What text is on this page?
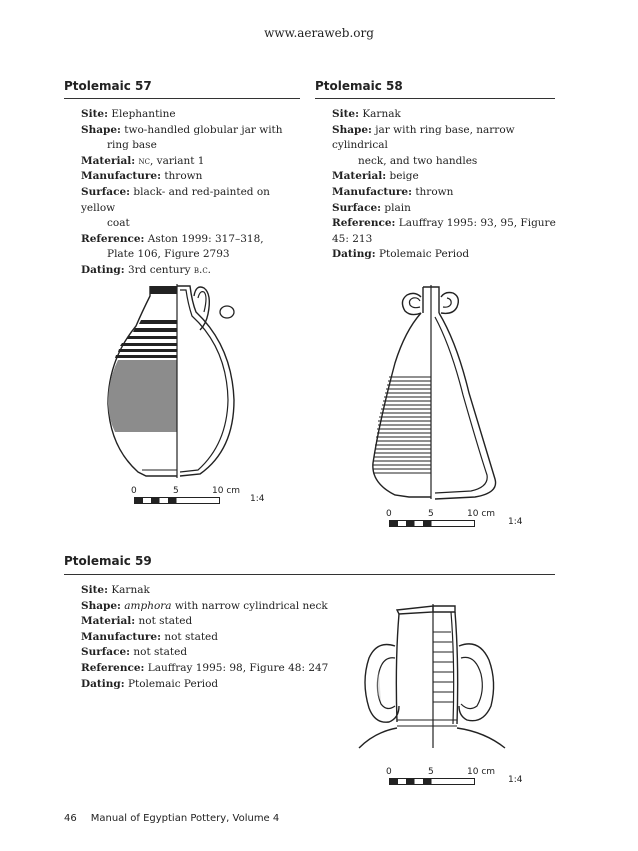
www.aeraweb.org
Ptolemaic 57

Site: Elephantine

Shape: two-handled globular jar with

ring base

Material: nc, variant 1

Manufacture: thrown

Surface: black- and red-painted on yellow

coat

Reference: Aston 1999: 317–318,

Plate 106, Figure 2793

Dating: 3rd century b.c.

0	5	10 cm
1:4
Ptolemaic 58

Site: Karnak

Shape: jar with ring base, narrow cylindrical

neck, and two handles

Material: beige

Manufacture: thrown

Surface: plain

Reference: Lauffray 1995: 93, 95, Figure 45: 213

Dating: Ptolemaic Period

0	5	10 cm
1:4
Ptolemaic 59

Site: Karnak

Shape: amphora with narrow cylindrical neck

Material: not stated

Manufacture: not stated

Surface: not stated

Reference: Lauffray 1995: 98, Figure 48: 247

Dating: Ptolemaic Period

0	5	10 cm
1:4
46 Manual of Egyptian Pottery, Volume 4
